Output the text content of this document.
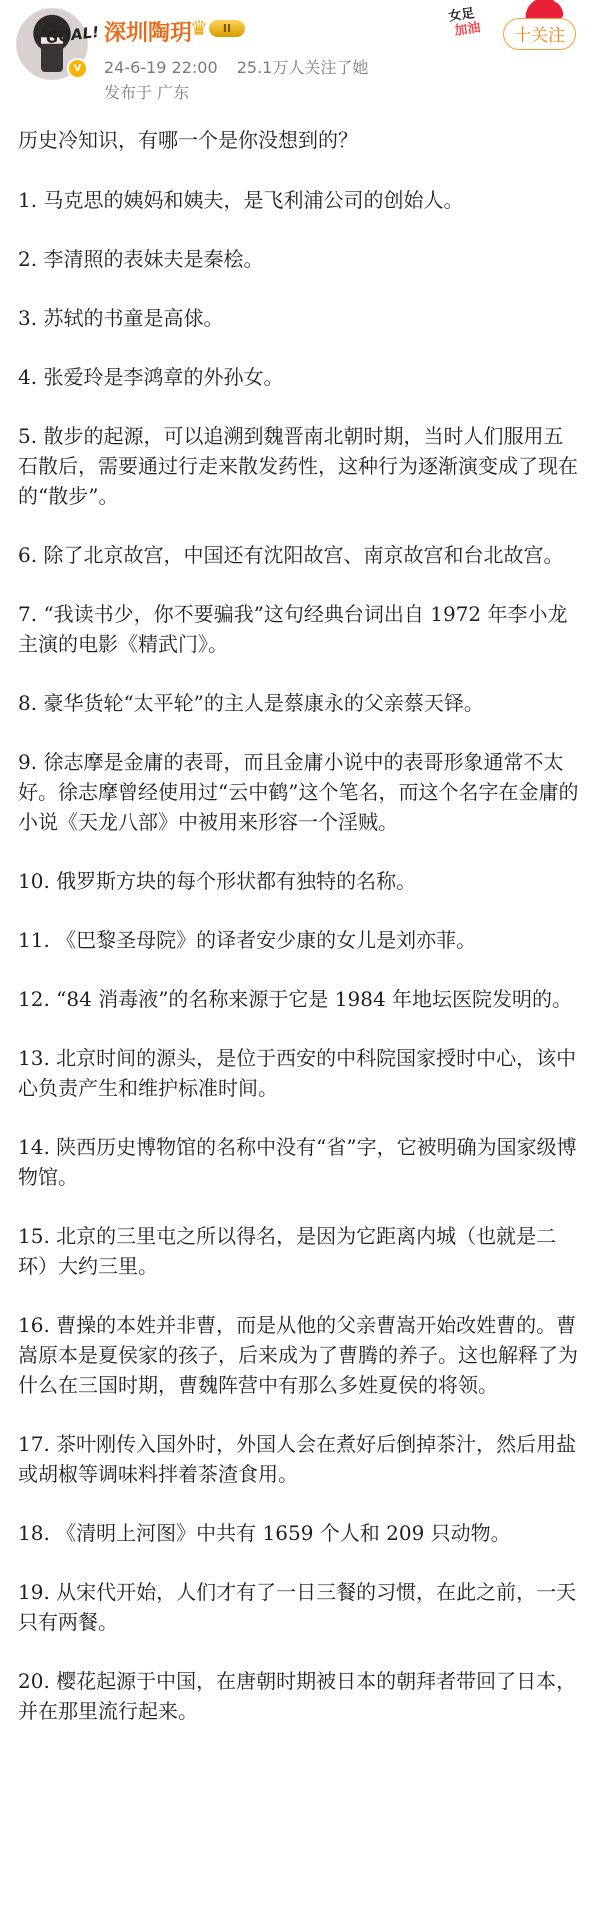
GOAL!
V
深圳陶玥
♛	II
24-6-19 22:00 25.1万人关注了她
发布于 广东
女足
加油	十关注

历史冷知识，有哪一个是你没想到的？

1. 马克思的姨妈和姨夫，是飞利浦公司的创始人。

2. 李清照的表妹夫是秦桧。

3. 苏轼的书童是高俅。

4. 张爱玲是李鸿章的外孙女。

5. 散步的起源，可以追溯到魏晋南北朝时期，当时人们服用五石散后，需要通过行走来散发药性，这种行为逐渐演变成了现在的“散步”。

6. 除了北京故宫，中国还有沈阳故宫、南京故宫和台北故宫。

7. “我读书少，你不要骗我”这句经典台词出自 1972 年李小龙主演的电影《精武门》。

8. 豪华货轮“太平轮”的主人是蔡康永的父亲蔡天铎。

9. 徐志摩是金庸的表哥，而且金庸小说中的表哥形象通常不太好。徐志摩曾经使用过“云中鹤”这个笔名，而这个名字在金庸的小说《天龙八部》中被用来形容一个淫贼。

10. 俄罗斯方块的每个形状都有独特的名称。

11. 《巴黎圣母院》的译者安少康的女儿是刘亦菲。

12. “84 消毒液”的名称来源于它是 1984 年地坛医院发明的。

13. 北京时间的源头，是位于西安的中科院国家授时中心，该中心负责产生和维护标准时间。

14. 陕西历史博物馆的名称中没有“省”字，它被明确为国家级博物馆。

15. 北京的三里屯之所以得名，是因为它距离内城（也就是二环）大约三里。

16. 曹操的本姓并非曹，而是从他的父亲曹嵩开始改姓曹的。曹嵩原本是夏侯家的孩子，后来成为了曹腾的养子。这也解释了为什么在三国时期，曹魏阵营中有那么多姓夏侯的将领。

17. 茶叶刚传入国外时，外国人会在煮好后倒掉茶汁，然后用盐或胡椒等调味料拌着茶渣食用。

18. 《清明上河图》中共有 1659 个人和 209 只动物。

19. 从宋代开始，人们才有了一日三餐的习惯，在此之前，一天只有两餐。

20. 樱花起源于中国，在唐朝时期被日本的朝拜者带回了日本，并在那里流行起来。
